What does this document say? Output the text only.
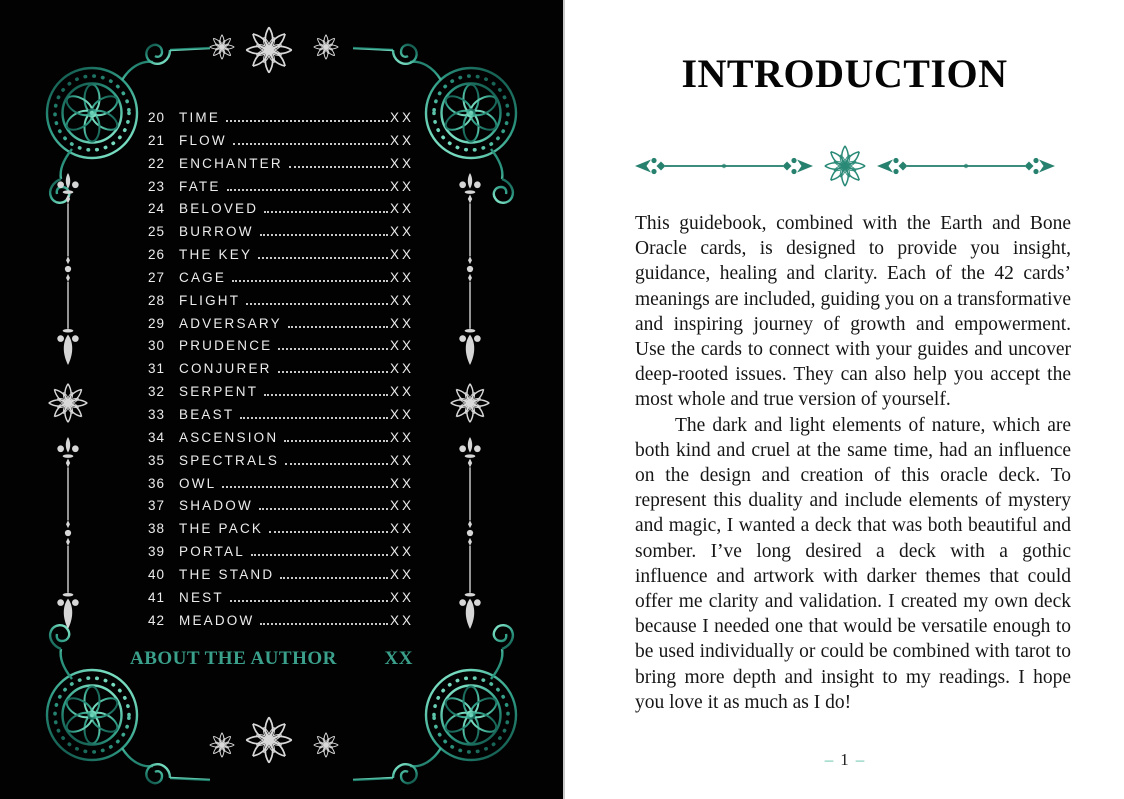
20 TIME	XX
21 FLOW	XX
22 ENCHANTER	XX
23 FATE	XX
24 BELOVED	XX
25 BURROW	XX
26 THE KEY	XX
27 CAGE	XX
28 FLIGHT	XX
29 ADVERSARY	XX
30 PRUDENCE	XX
31 CONJURER	XX
32 SERPENT	XX
33 BEAST	XX
34 ASCENSION	XX
35 SPECTRALS	XX
36 OWL	XX
37 SHADOW	XX
38 THE PACK	XX
39 PORTAL	XX
40 THE STAND	XX
41 NEST	XX
42 MEADOW	XX
ABOUT THE AUTHOR	XX
INTRODUCTION

This guidebook, combined with the Earth and Bone Oracle cards, is designed to provide you insight, guidance, healing and clarity. Each of the 42 cards’ meanings are included, guiding you on a transformative and inspiring journey of growth and empowerment. Use the cards to connect with your guides and uncover deep-rooted issues. They can also help you accept the most whole and true version of yourself.

The dark and light elements of nature, which are both kind and cruel at the same time, had an influence on the design and creation of this oracle deck. To represent this duality and include elements of mystery and magic, I wanted a deck that was both beautiful and somber. I’ve long desired a deck with a gothic influence and artwork with darker themes that could offer me clarity and validation. I created my own deck because I needed one that would be versatile enough to be used individually or could be combined with tarot to bring more depth and insight to my readings. I hope you love it as much as I do!

– 1 –
